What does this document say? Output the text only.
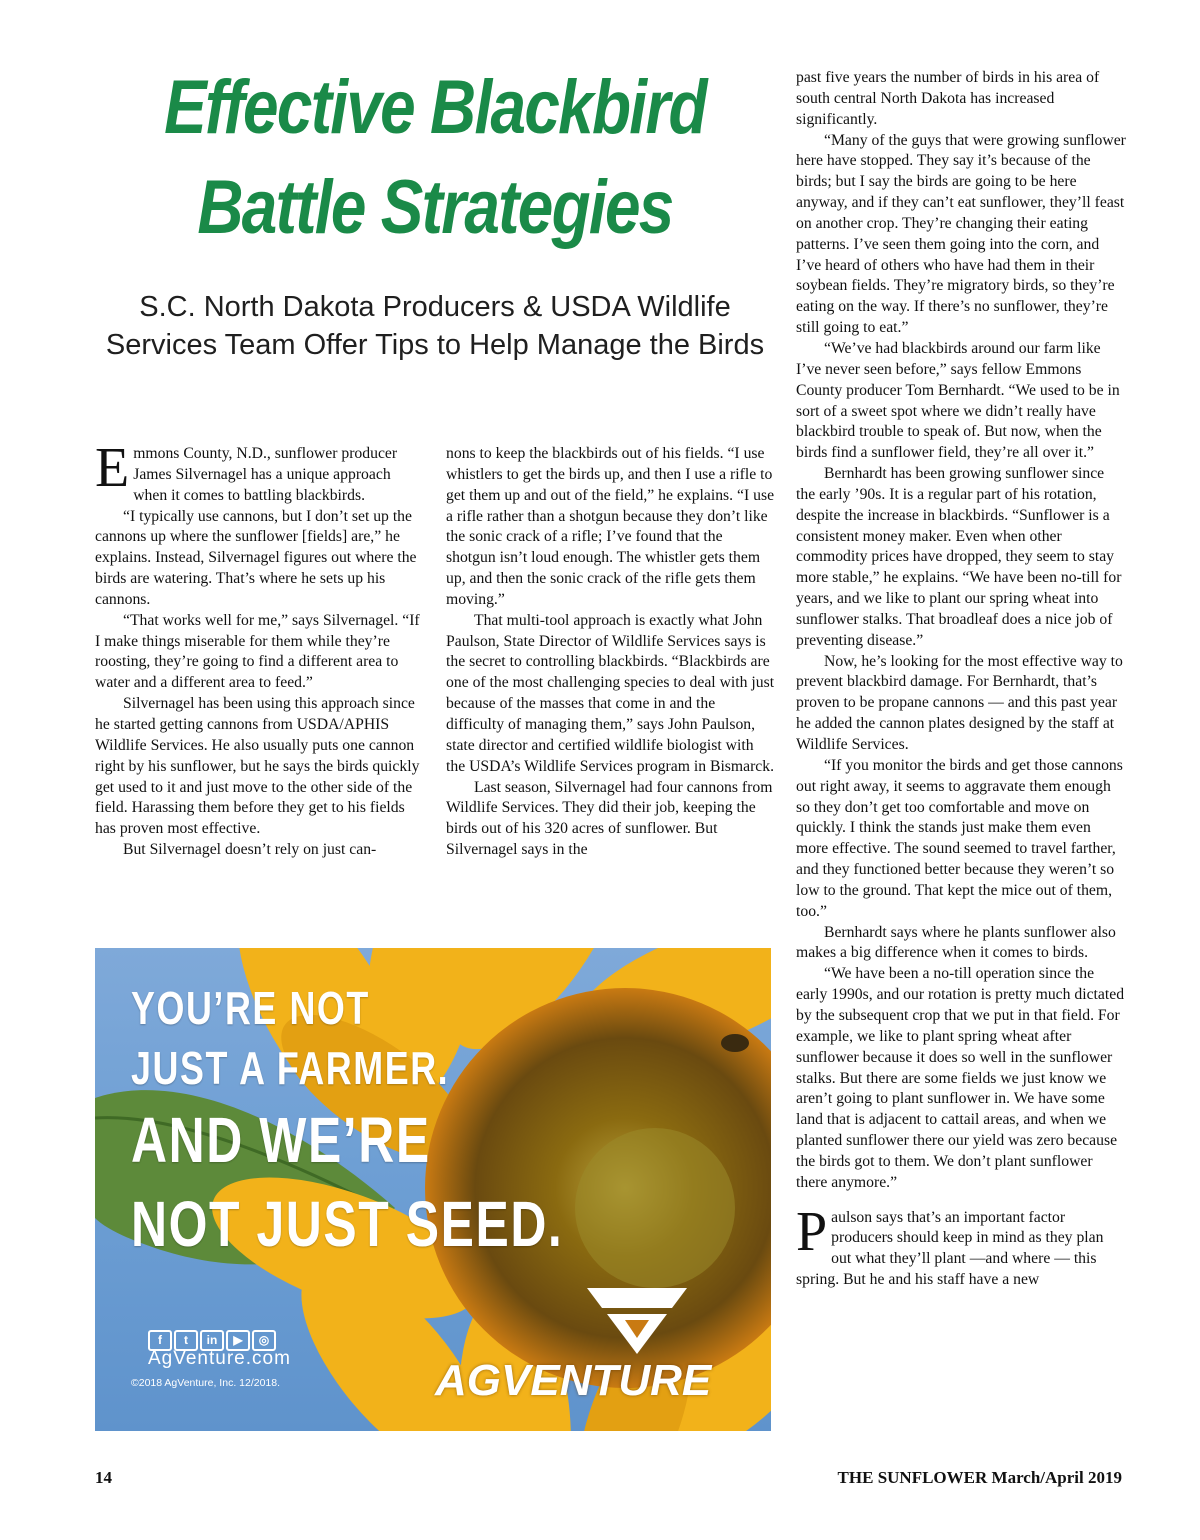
Effective Blackbird
Battle Strategies
S.C. North Dakota Producers & USDA Wildlife
Services Team Offer Tips to Help Manage the Birds
E mmons County, N.D., sunflower producer James Silvernagel has a unique approach when it comes to battling blackbirds.

“I typically use cannons, but I don’t set up the cannons up where the sunflower [fields] are,” he explains. Instead, Silvernagel figures out where the birds are watering. That’s where he sets up his cannons.

“That works well for me,” says Silvernagel. “If I make things miserable for them while they’re roosting, they’re going to find a different area to water and a different area to feed.”

Silvernagel has been using this approach since he started getting cannons from USDA/APHIS Wildlife Services. He also usually puts one cannon right by his sunflower, but he says the birds quickly get used to it and just move to the other side of the field. Harassing them before they get to his fields has proven most effective.

But Silvernagel doesn’t rely on just can-

nons to keep the blackbirds out of his fields. “I use whistlers to get the birds up, and then I use a rifle to get them up and out of the field,” he explains. “I use a rifle rather than a shotgun because they don’t like the sonic crack of a rifle; I’ve found that the shotgun isn’t loud enough. The whistler gets them up, and then the sonic crack of the rifle gets them moving.”

That multi-tool approach is exactly what John Paulson, State Director of Wildlife Services says is the secret to controlling blackbirds. “Blackbirds are one of the most challenging species to deal with just because of the masses that come in and the difficulty of managing them,” says John Paulson, state director and certified wildlife biologist with the USDA’s Wildlife Services program in Bismarck.

Last season, Silvernagel had four cannons from Wildlife Services. They did their job, keeping the birds out of his 320 acres of sunflower. But Silvernagel says in the

past five years the number of birds in his area of south central North Dakota has increased significantly.

“Many of the guys that were growing sunflower here have stopped. They say it’s because of the birds; but I say the birds are going to be here anyway, and if they can’t eat sunflower, they’ll feast on another crop. They’re changing their eating patterns. I’ve seen them going into the corn, and I’ve heard of others who have had them in their soybean fields. They’re migratory birds, so they’re eating on the way. If there’s no sunflower, they’re still going to eat.”

“We’ve had blackbirds around our farm like I’ve never seen before,” says fellow Emmons County producer Tom Bernhardt. “We used to be in sort of a sweet spot where we didn’t really have blackbird trouble to speak of. But now, when the birds find a sunflower field, they’re all over it.”

Bernhardt has been growing sunflower since the early ’90s. It is a regular part of his rotation, despite the increase in blackbirds. “Sunflower is a consistent money maker. Even when other commodity prices have dropped, they seem to stay more stable,” he explains. “We have been no-till for years, and we like to plant our spring wheat into sunflower stalks. That broadleaf does a nice job of preventing disease.”

Now, he’s looking for the most effective way to prevent blackbird damage. For Bernhardt, that’s proven to be propane cannons — and this past year he added the cannon plates designed by the staff at Wildlife Services.

“If you monitor the birds and get those cannons out right away, it seems to aggravate them enough so they don’t get too comfortable and move on quickly. I think the stands just make them even more effective. The sound seemed to travel farther, and they functioned better because they weren’t so low to the ground. That kept the mice out of them, too.”

Bernhardt says where he plants sunflower also makes a big difference when it comes to birds.

“We have been a no-till operation since the early 1990s, and our rotation is pretty much dictated by the subsequent crop that we put in that field. For example, we like to plant spring wheat after sunflower because it does so well in the sunflower stalks. But there are some fields we just know we aren’t going to plant sunflower in. We have some land that is adjacent to cattail areas, and when we planted sunflower there our yield was zero because the birds got to them. We don’t plant sunflower there anymore.”

P aulson says that’s an important factor producers should keep in mind as they plan out what they’ll plant —and where — this spring. But he and his staff have a new

YOU’RE NOT
JUST A FARMER.
AND WE’RE
NOT JUST SEED.
f	t	in	▶	◎
AgVenture.com
©2018 AgVenture, Inc. 12/2018.	AGVENTURE
14	THE SUNFLOWER March/April 2019
